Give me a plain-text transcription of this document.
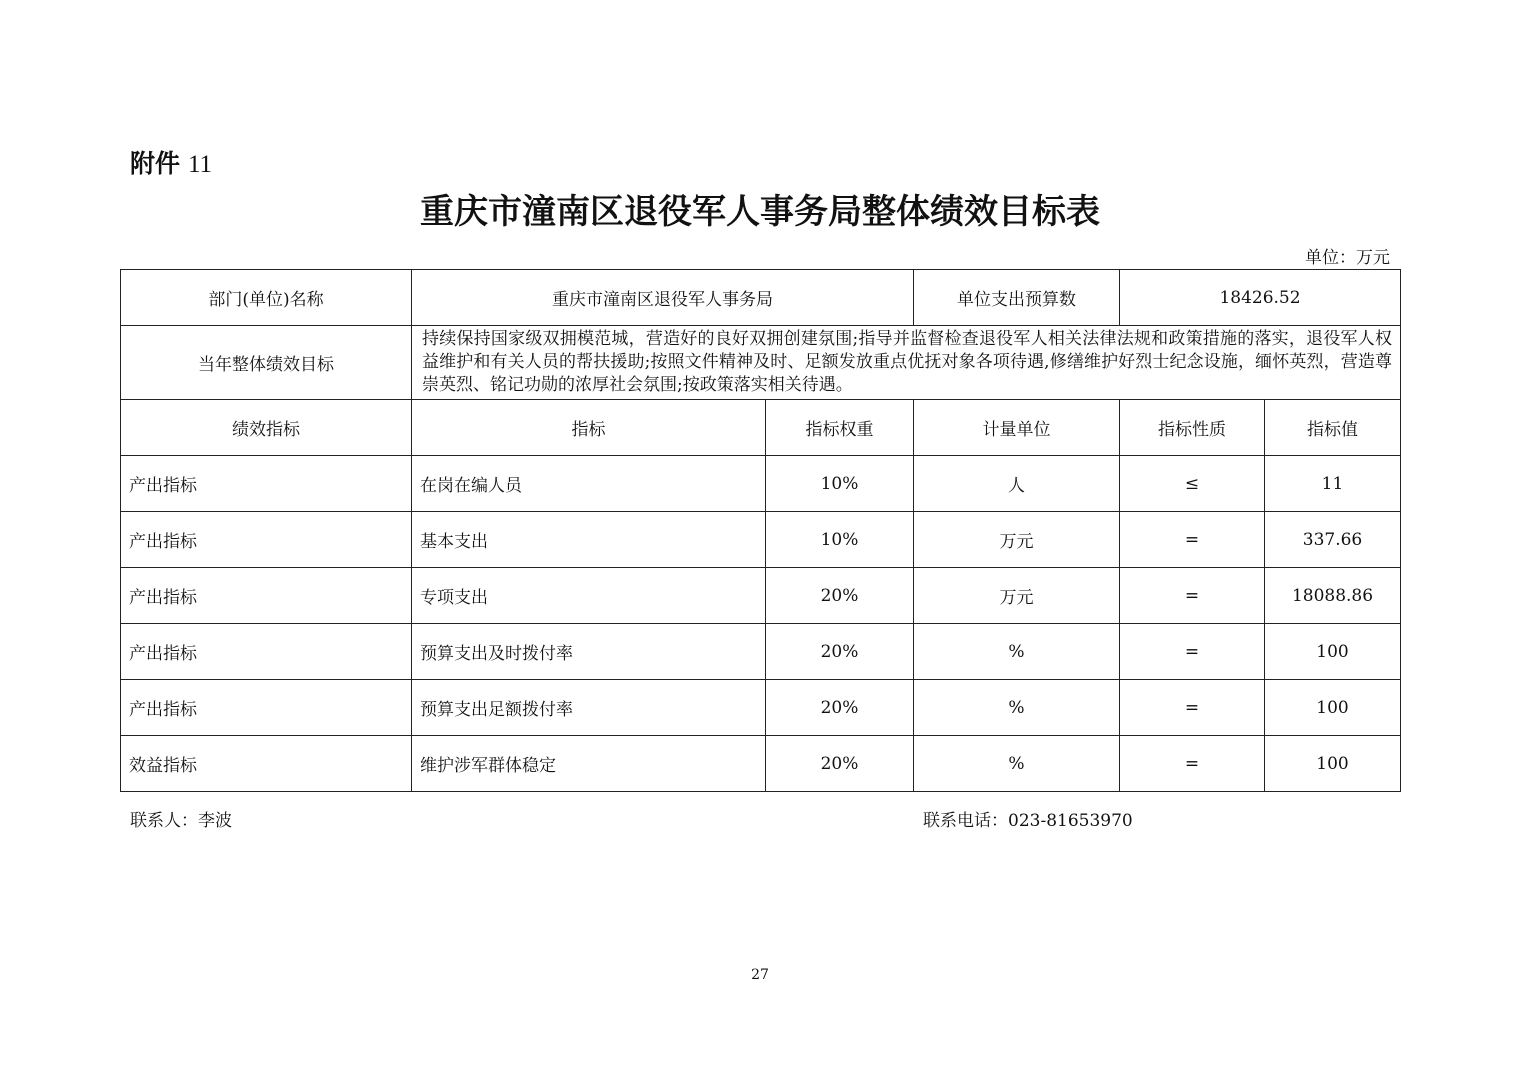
附件 11
重庆市潼南区退役军人事务局整体绩效目标表
单位：万元
部门(单位)名称	重庆市潼南区退役军人事务局		单位支出预算数	18426.52	
当年整体绩效目标	持续保持国家级双拥模范城，营造好的良好双拥创建氛围;指导并监督检查退役军人相关法律法规和政策措施的落实，退役军人权益维护和有关人员的帮扶援助;按照文件精神及时、足额发放重点优抚对象各项待遇,修缮维护好烈士纪念设施，缅怀英烈，营造尊崇英烈、铭记功勋的浓厚社会氛围;按政策落实相关待遇。				
绩效指标	指标	指标权重	计量单位	指标性质	指标值
产出指标	在岗在编人员	10%	人	≤	11
产出指标	基本支出	10%	万元	=	337.66
产出指标	专项支出	20%	万元	=	18088.86
产出指标	预算支出及时拨付率	20%	%	=	100
产出指标	预算支出足额拨付率	20%	%	=	100
效益指标	维护涉军群体稳定	20%	%	=	100
联系人：李波	联系电话：023-81653970
27
